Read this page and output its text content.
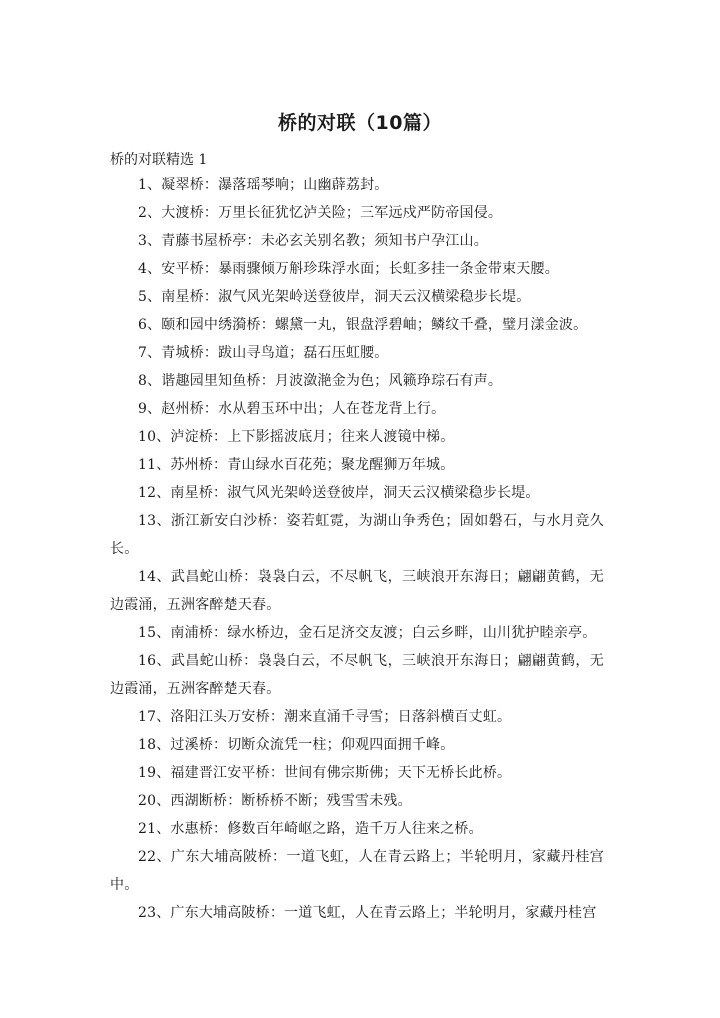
桥的对联（10篇）
桥的对联精选 1

1、凝翠桥：瀑落瑶琴响；山幽薜荔封。

2、大渡桥：万里长征犹忆泸关险；三军远戍严防帝国侵。

3、青藤书屋桥亭：未必玄关别名教；须知书户孕江山。

4、安平桥：暴雨骤倾万斛珍珠浮水面；长虹多挂一条金带束天腰。

5、南星桥：淑气风光架岭送登彼岸，洞天云汉横梁稳步长堤。

6、颐和园中绣漪桥：螺黛一丸，银盘浮碧岫；鳞纹千叠，璧月漾金波。

7、青城桥：跋山寻鸟道；磊石压虹腰。

8、谐趣园里知鱼桥：月波潋滟金为色；风籁琤琮石有声。

9、赵州桥：水从碧玉环中出；人在苍龙背上行。

10、泸淀桥：上下影摇波底月；往来人渡镜中梯。

11、苏州桥：青山绿水百花苑；聚龙醒狮万年城。

12、南星桥：淑气风光架岭送登彼岸，洞天云汉横梁稳步长堤。

13、浙江新安白沙桥：姿若虹霓，为湖山争秀色；固如磐石，与水月竞久长。

14、武昌蛇山桥：袅袅白云，不尽帆飞，三峡浪开东海日；翩翩黄鹤，无边霞涌，五洲客醉楚天春。

15、南浦桥：绿水桥边，金石足济交友渡；白云乡畔，山川犹护睦亲亭。

16、武昌蛇山桥：袅袅白云，不尽帆飞，三峡浪开东海日；翩翩黄鹤，无边霞涌，五洲客醉楚天春。

17、洛阳江头万安桥：潮来直涌千寻雪；日落斜横百丈虹。

18、过溪桥：切断众流凭一柱；仰观四面拥千峰。

19、福建晋江安平桥：世间有佛宗斯佛；天下无桥长此桥。

20、西湖断桥：断桥桥不断；残雪雪未残。

21、水惠桥：修数百年崎岖之路，造千万人往来之桥。

22、广东大埔高陂桥：一道飞虹，人在青云路上；半轮明月，家藏丹桂宫中。

23、广东大埔高陂桥：一道飞虹，人在青云路上；半轮明月，家藏丹桂宫
